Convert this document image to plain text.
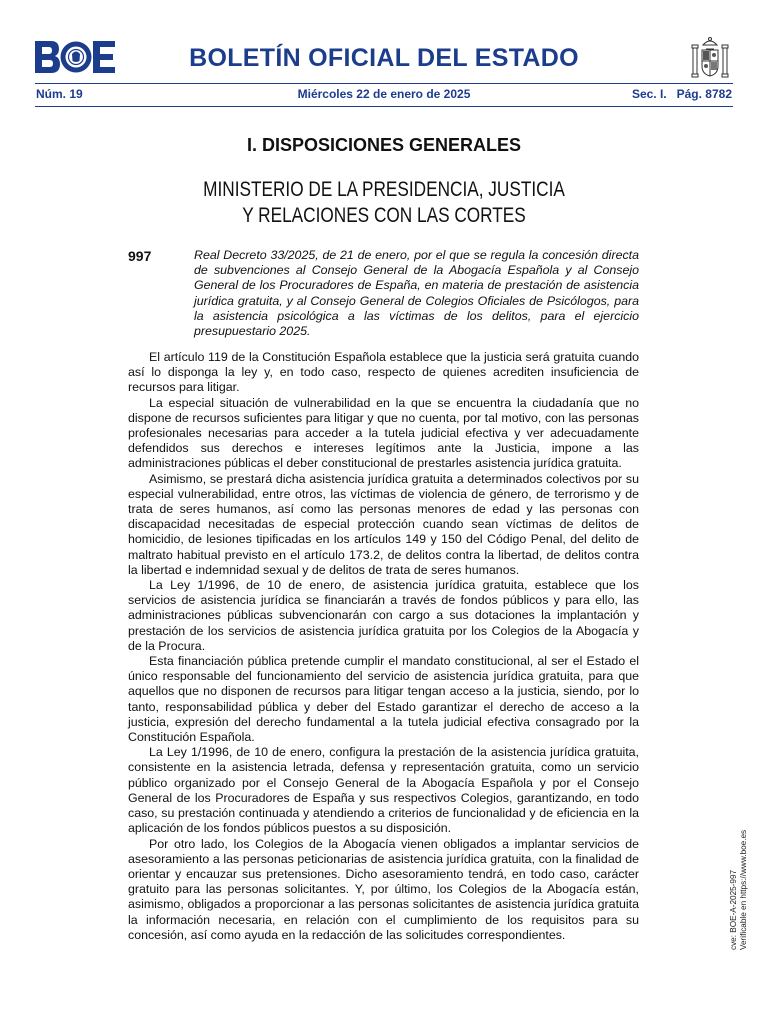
BOLETÍN OFICIAL DEL ESTADO
Núm. 19	Miércoles 22 de enero de 2025	Sec. I.   Pág. 8782
I. DISPOSICIONES GENERALES
MINISTERIO DE LA PRESIDENCIA, JUSTICIA
Y RELACIONES CON LAS CORTES
997	Real Decreto 33/2025, de 21 de enero, por el que se regula la concesión directa de subvenciones al Consejo General de la Abogacía Española y al Consejo General de los Procuradores de España, en materia de prestación de asistencia jurídica gratuita, y al Consejo General de Colegios Oficiales de Psicólogos, para la asistencia psicológica a las víctimas de los delitos, para el ejercicio presupuestario 2025.

El artículo 119 de la Constitución Española establece que la justicia será gratuita cuando así lo disponga la ley y, en todo caso, respecto de quienes acrediten insuficiencia de recursos para litigar.

La especial situación de vulnerabilidad en la que se encuentra la ciudadanía que no dispone de recursos suficientes para litigar y que no cuenta, por tal motivo, con las personas profesionales necesarias para acceder a la tutela judicial efectiva y ver adecuadamente defendidos sus derechos e intereses legítimos ante la Justicia, impone a las administraciones públicas el deber constitucional de prestarles asistencia jurídica gratuita.

Asimismo, se prestará dicha asistencia jurídica gratuita a determinados colectivos por su especial vulnerabilidad, entre otros, las víctimas de violencia de género, de terrorismo y de trata de seres humanos, así como las personas menores de edad y las personas con discapacidad necesitadas de especial protección cuando sean víctimas de delitos de homicidio, de lesiones tipificadas en los artículos 149 y 150 del Código Penal, del delito de maltrato habitual previsto en el artículo 173.2, de delitos contra la libertad, de delitos contra la libertad e indemnidad sexual y de delitos de trata de seres humanos.

La Ley 1/1996, de 10 de enero, de asistencia jurídica gratuita, establece que los servicios de asistencia jurídica se financiarán a través de fondos públicos y para ello, las administraciones públicas subvencionarán con cargo a sus dotaciones la implantación y prestación de los servicios de asistencia jurídica gratuita por los Colegios de la Abogacía y de la Procura.

Esta financiación pública pretende cumplir el mandato constitucional, al ser el Estado el único responsable del funcionamiento del servicio de asistencia jurídica gratuita, para que aquellos que no disponen de recursos para litigar tengan acceso a la justicia, siendo, por lo tanto, responsabilidad pública y deber del Estado garantizar el derecho de acceso a la justicia, expresión del derecho fundamental a la tutela judicial efectiva consagrado por la Constitución Española.

La Ley 1/1996, de 10 de enero, configura la prestación de la asistencia jurídica gratuita, consistente en la asistencia letrada, defensa y representación gratuita, como un servicio público organizado por el Consejo General de la Abogacía Española y por el Consejo General de los Procuradores de España y sus respectivos Colegios, garantizando, en todo caso, su prestación continuada y atendiendo a criterios de funcionalidad y de eficiencia en la aplicación de los fondos públicos puestos a su disposición.

Por otro lado, los Colegios de la Abogacía vienen obligados a implantar servicios de asesoramiento a las personas peticionarias de asistencia jurídica gratuita, con la finalidad de orientar y encauzar sus pretensiones. Dicho asesoramiento tendrá, en todo caso, carácter gratuito para las personas solicitantes. Y, por último, los Colegios de la Abogacía están, asimismo, obligados a proporcionar a las personas solicitantes de asistencia jurídica gratuita la información necesaria, en relación con el cumplimiento de los requisitos para su concesión, así como ayuda en la redacción de las solicitudes correspondientes.	cve: BOE-A-2025-997 Verificable en https://www.boe.es
